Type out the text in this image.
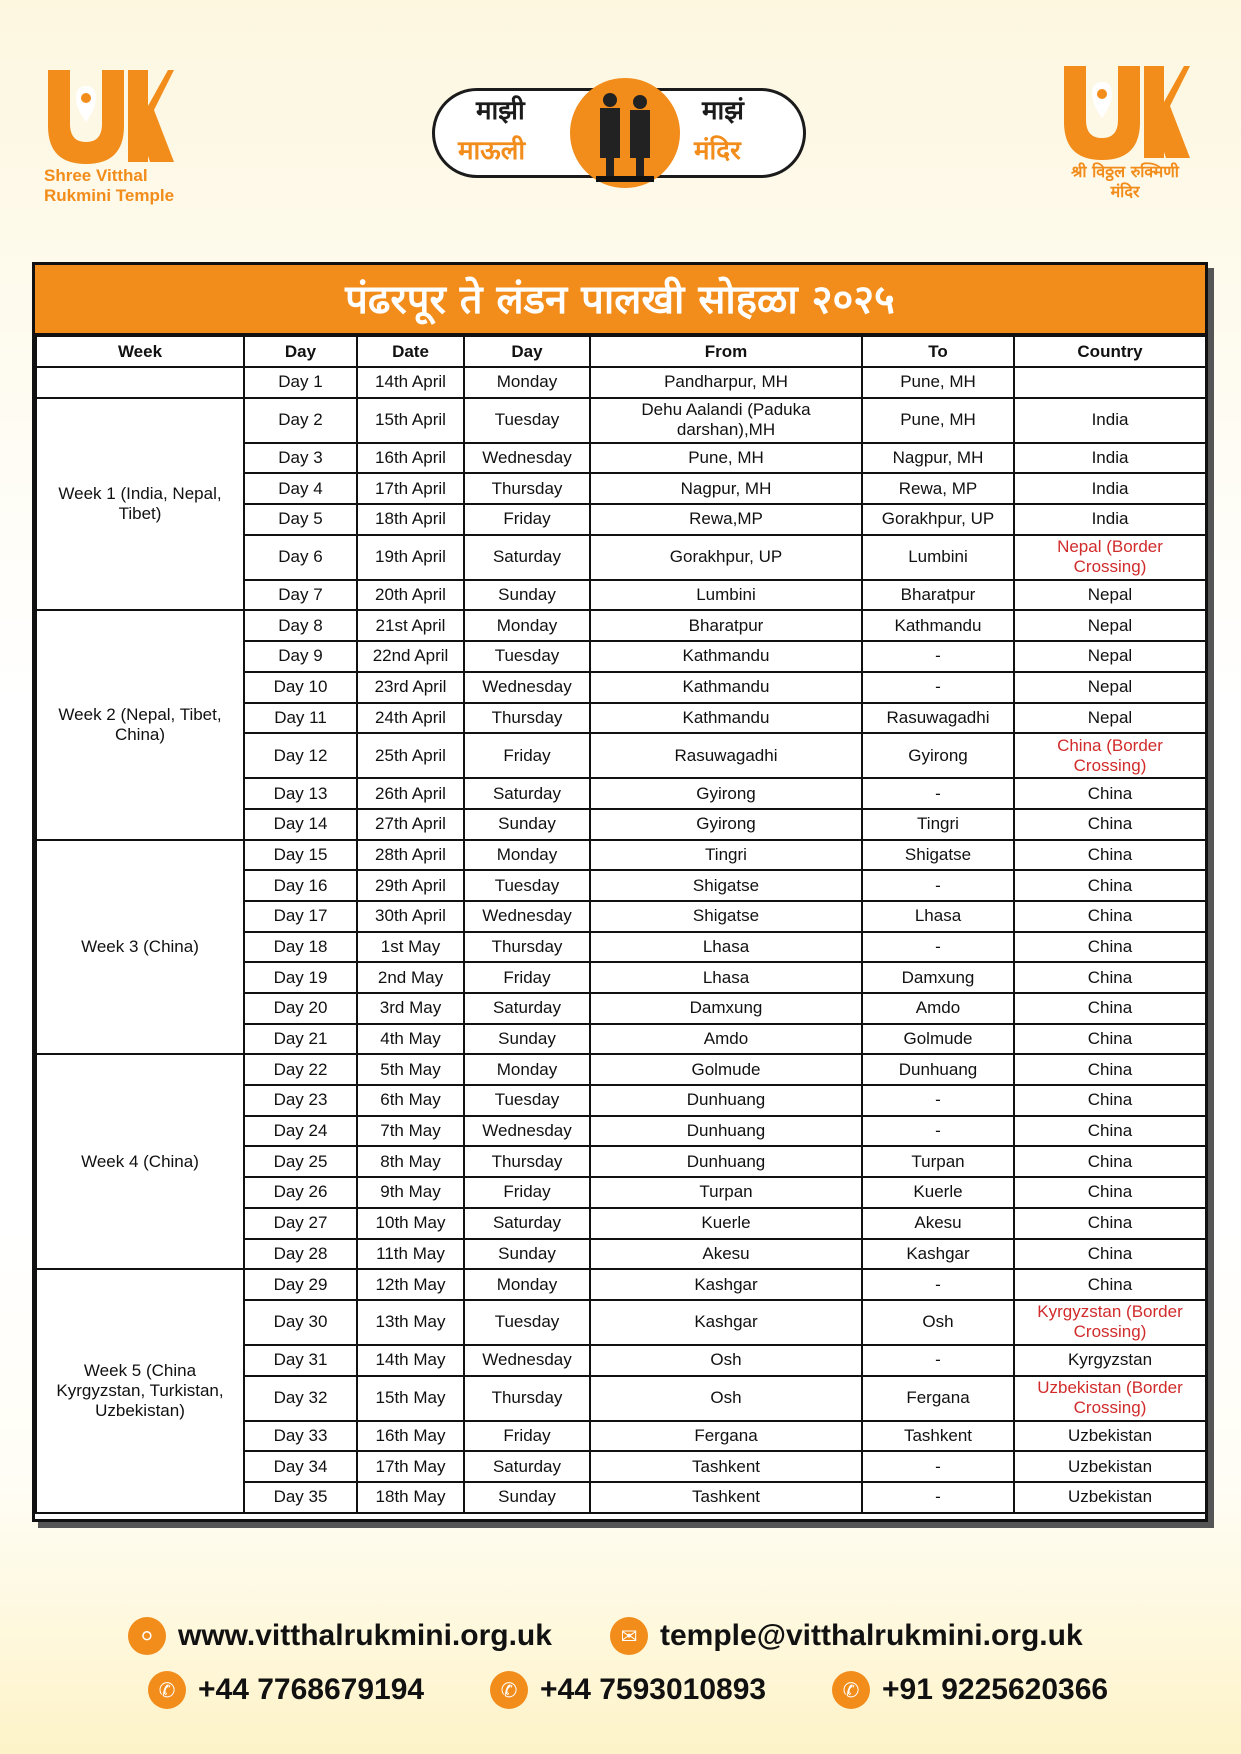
Shree Vitthal
Rukmini Temple
माझी
माऊली
माझं
मंदिर
श्री विठ्ठल रुक्मिणी
मंदिर
पंढरपूर ते लंडन पालखी सोहळा २०२५
Week	Day	Date	Day	From	To	Country
	Day 1	14th April	Monday	Pandharpur, MH	Pune, MH	
Week 1 (India, Nepal, Tibet)	Day 2	15th April	Tuesday	Dehu Aalandi (Paduka darshan),MH	Pune, MH	India
	Day 3	16th April	Wednesday	Pune, MH	Nagpur, MH	India
	Day 4	17th April	Thursday	Nagpur, MH	Rewa, MP	India
	Day 5	18th April	Friday	Rewa,MP	Gorakhpur, UP	India
	Day 6	19th April	Saturday	Gorakhpur, UP	Lumbini	Nepal (Border Crossing)
	Day 7	20th April	Sunday	Lumbini	Bharatpur	Nepal
Week 2 (Nepal, Tibet, China)	Day 8	21st April	Monday	Bharatpur	Kathmandu	Nepal
	Day 9	22nd April	Tuesday	Kathmandu	-	Nepal
	Day 10	23rd April	Wednesday	Kathmandu	-	Nepal
	Day 11	24th April	Thursday	Kathmandu	Rasuwagadhi	Nepal
	Day 12	25th April	Friday	Rasuwagadhi	Gyirong	China (Border Crossing)
	Day 13	26th April	Saturday	Gyirong	-	China
	Day 14	27th April	Sunday	Gyirong	Tingri	China
Week 3 (China)	Day 15	28th April	Monday	Tingri	Shigatse	China
	Day 16	29th April	Tuesday	Shigatse	-	China
	Day 17	30th April	Wednesday	Shigatse	Lhasa	China
	Day 18	1st May	Thursday	Lhasa	-	China
	Day 19	2nd May	Friday	Lhasa	Damxung	China
	Day 20	3rd May	Saturday	Damxung	Amdo	China
	Day 21	4th May	Sunday	Amdo	Golmude	China
Week 4 (China)	Day 22	5th May	Monday	Golmude	Dunhuang	China
	Day 23	6th May	Tuesday	Dunhuang	-	China
	Day 24	7th May	Wednesday	Dunhuang	-	China
	Day 25	8th May	Thursday	Dunhuang	Turpan	China
	Day 26	9th May	Friday	Turpan	Kuerle	China
	Day 27	10th May	Saturday	Kuerle	Akesu	China
	Day 28	11th May	Sunday	Akesu	Kashgar	China
Week 5 (China Kyrgyzstan, Turkistan, Uzbekistan)	Day 29	12th May	Monday	Kashgar	-	China
	Day 30	13th May	Tuesday	Kashgar	Osh	Kyrgyzstan (Border Crossing)
	Day 31	14th May	Wednesday	Osh	-	Kyrgyzstan
	Day 32	15th May	Thursday	Osh	Fergana	Uzbekistan (Border Crossing)
	Day 33	16th May	Friday	Fergana	Tashkent	Uzbekistan
	Day 34	17th May	Saturday	Tashkent	-	Uzbekistan
	Day 35	18th May	Sunday	Tashkent	-	Uzbekistan
⚪ www.vitthalrukmini.org.uk	✉ temple@vitthalrukmini.org.uk
✆ +44 7768679194	✆ +44 7593010893	✆ +91 9225620366
